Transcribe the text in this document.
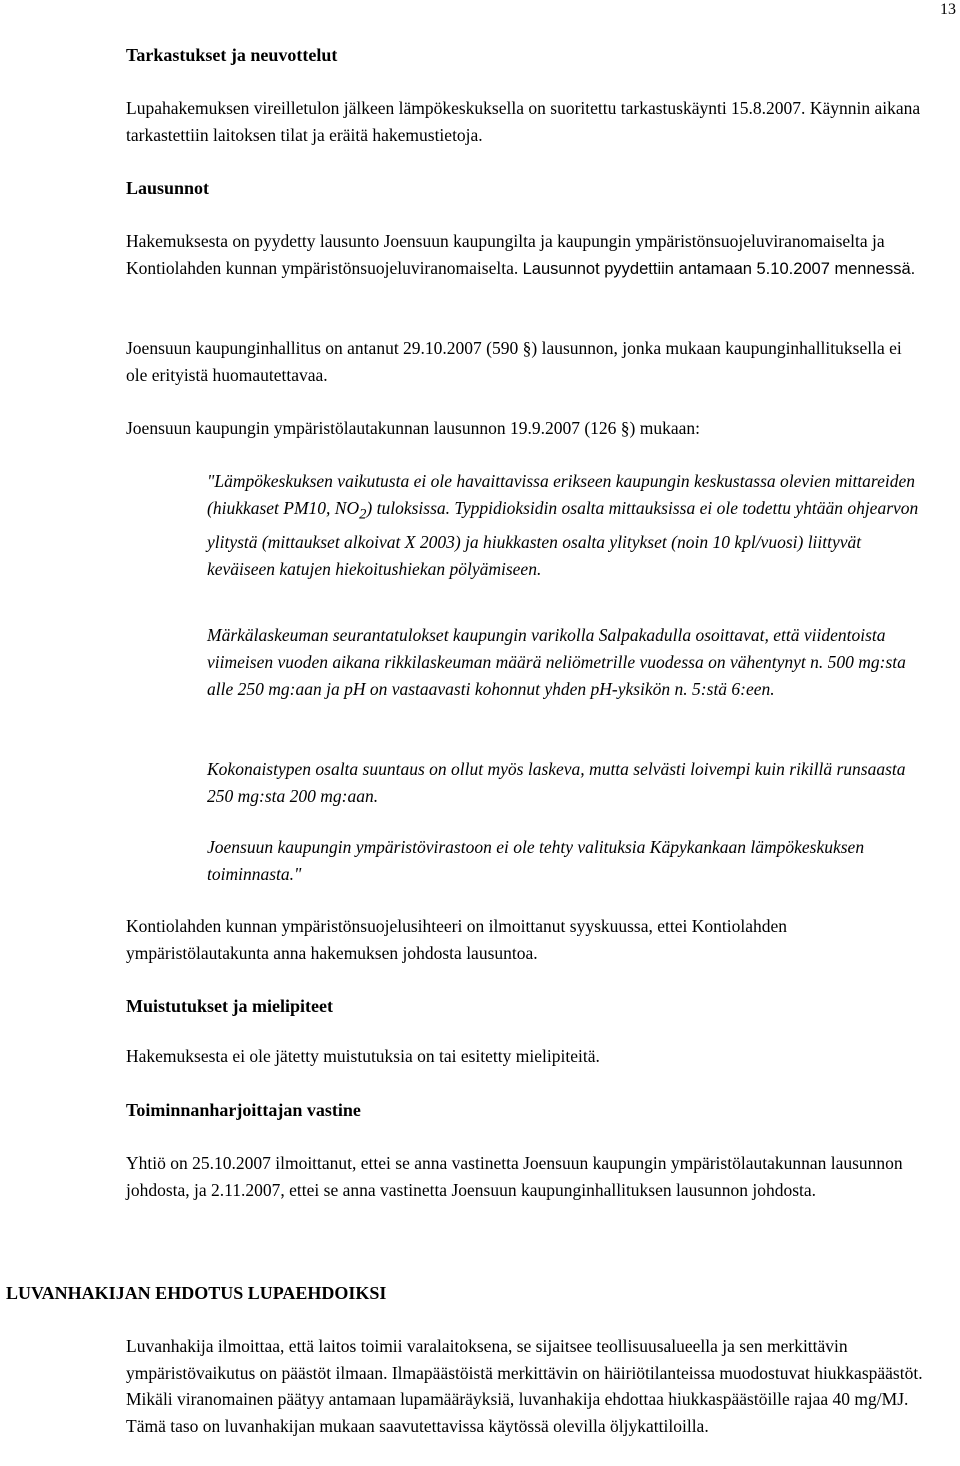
13
Tarkastukset ja neuvottelut

Lupahakemuksen vireilletulon jälkeen lämpökeskuksella on suoritettu tarkastuskäynti 15.8.2007. Käynnin aikana tarkastettiin laitoksen tilat ja eräitä hakemustietoja.

Lausunnot

Hakemuksesta on pyydetty lausunto Joensuun kaupungilta ja kaupungin ympäristönsuojeluviranomaiselta ja Kontiolahden kunnan ympäristönsuojeluviranomaiselta. Lausunnot pyydettiin antamaan 5.10.2007 mennessä.

Joensuun kaupunginhallitus on antanut 29.10.2007 (590 §) lausunnon, jonka mukaan kaupunginhallituksella ei ole erityistä huomautettavaa.

Joensuun kaupungin ympäristölautakunnan lausunnon 19.9.2007 (126 §) mukaan:

"Lämpökeskuksen vaikutusta ei ole havaittavissa erikseen kaupungin keskustassa olevien mittareiden (hiukkaset PM10, $NO_2$) tuloksissa. Typpidioksidin osalta mittauksissa ei ole todettu yhtään ohjearvon ylitystä (mittaukset alkoivat X 2003) ja hiukkasten osalta ylitykset (noin 10 kpl/vuosi) liittyvät keväiseen katujen hiekoitushiekan pölyämiseen.

Märkälaskeuman seurantatulokset kaupungin varikolla Salpakadulla osoittavat, että viidentoista viimeisen vuoden aikana rikkilaskeuman määrä neliömetrille vuodessa on vähentynyt n. 500 mg:sta alle 250 mg:aan ja pH on vastaavasti kohonnut yhden pH-yksikön n. 5:stä 6:een.

Kokonaistypen osalta suuntaus on ollut myös laskeva, mutta selvästi loivempi kuin rikillä runsaasta 250 mg:sta 200 mg:aan.

Joensuun kaupungin ympäristövirastoon ei ole tehty valituksia Käpykankaan lämpökeskuksen toiminnasta."

Kontiolahden kunnan ympäristönsuojelusihteeri on ilmoittanut syyskuussa, ettei Kontiolahden ympäristölautakunta anna hakemuksen johdosta lausuntoa.

Muistutukset ja mielipiteet

Hakemuksesta ei ole jätetty muistutuksia on tai esitetty mielipiteitä.

Toiminnanharjoittajan vastine

Yhtiö on 25.10.2007 ilmoittanut, ettei se anna vastinetta Joensuun kaupungin ympäristölautakunnan lausunnon johdosta, ja 2.11.2007, ettei se anna vastinetta Joensuun kaupunginhallituksen lausunnon johdosta.

LUVANHAKIJAN EHDOTUS LUPAEHDOIKSI

Luvanhakija ilmoittaa, että laitos toimii varalaitoksena, se sijaitsee teollisuusalueella ja sen merkittävin ympäristövaikutus on päästöt ilmaan. Ilmapäästöistä merkittävin on häiriötilanteissa muodostuvat hiukkaspäästöt. Mikäli viranomainen päätyy antamaan lupamääräyksiä, luvanhakija ehdottaa hiukkaspäästöille rajaa 40 mg/MJ. Tämä taso on luvanhakijan mukaan saavutettavissa käytössä olevilla öljykattiloilla.
